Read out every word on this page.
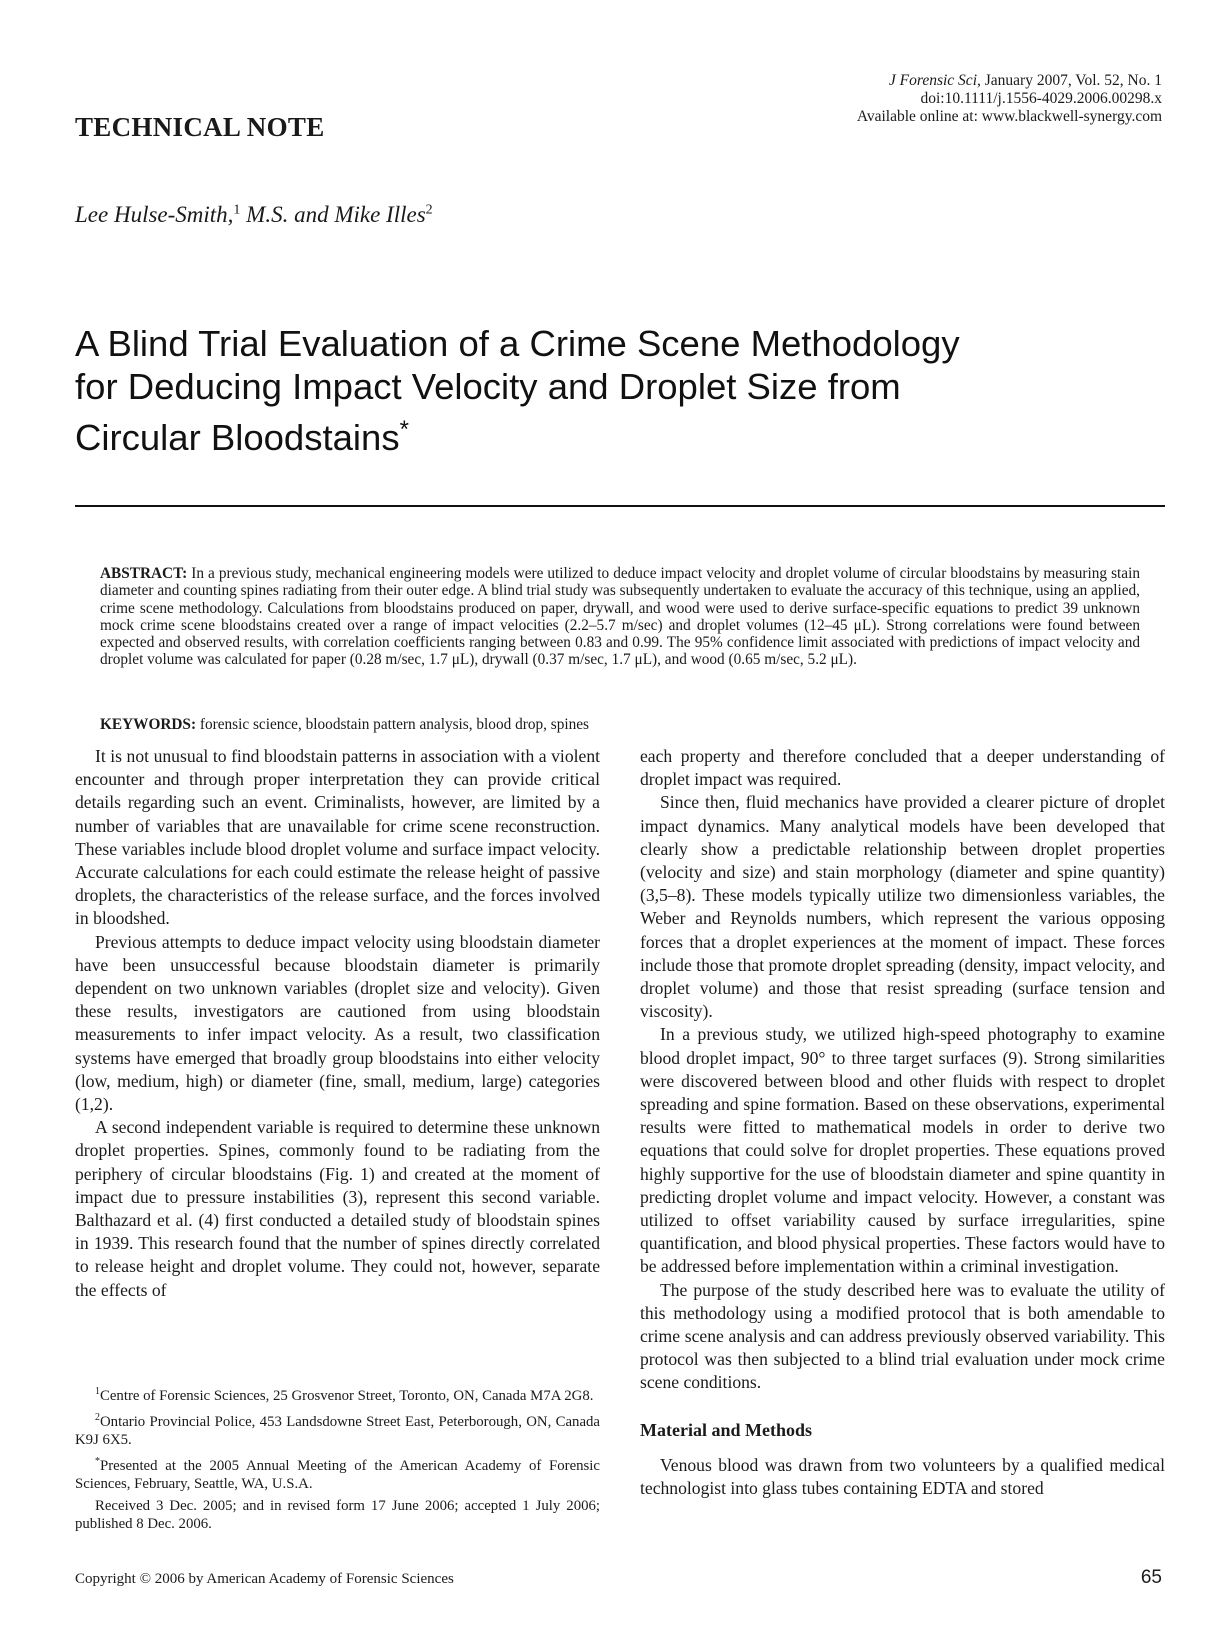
J Forensic Sci, January 2007, Vol. 52, No. 1
doi:10.1111/j.1556-4029.2006.00298.x
Available online at: www.blackwell-synergy.com
TECHNICAL NOTE
Lee Hulse-Smith,$^1$ M.S. and Mike Illes$^2$
A Blind Trial Evaluation of a Crime Scene Methodology for Deducing Impact Velocity and Droplet Size from Circular Bloodstains*
ABSTRACT: In a previous study, mechanical engineering models were utilized to deduce impact velocity and droplet volume of circular bloodstains by measuring stain diameter and counting spines radiating from their outer edge. A blind trial study was subsequently undertaken to evaluate the accuracy of this technique, using an applied, crime scene methodology. Calculations from bloodstains produced on paper, drywall, and wood were used to derive surface-specific equations to predict 39 unknown mock crime scene bloodstains created over a range of impact velocities (2.2–5.7 m/sec) and droplet volumes (12–45 μL). Strong correlations were found between expected and observed results, with correlation coefficients ranging between 0.83 and 0.99. The 95% confidence limit associated with predictions of impact velocity and droplet volume was calculated for paper (0.28 m/sec, 1.7 μL), drywall (0.37 m/sec, 1.7 μL), and wood (0.65 m/sec, 5.2 μL).
KEYWORDS: forensic science, bloodstain pattern analysis, blood drop, spines

It is not unusual to find bloodstain patterns in association with a violent encounter and through proper interpretation they can provide critical details regarding such an event. Criminalists, however, are limited by a number of variables that are unavailable for crime scene reconstruction. These variables include blood droplet volume and surface impact velocity. Accurate calculations for each could estimate the release height of passive droplets, the characteristics of the release surface, and the forces involved in bloodshed.

Previous attempts to deduce impact velocity using bloodstain diameter have been unsuccessful because bloodstain diameter is primarily dependent on two unknown variables (droplet size and velocity). Given these results, investigators are cautioned from using bloodstain measurements to infer impact velocity. As a result, two classification systems have emerged that broadly group bloodstains into either velocity (low, medium, high) or diameter (fine, small, medium, large) categories (1,2).

A second independent variable is required to determine these unknown droplet properties. Spines, commonly found to be radiating from the periphery of circular bloodstains (Fig. 1) and created at the moment of impact due to pressure instabilities (3), represent this second variable. Balthazard et al. (4) first conducted a detailed study of bloodstain spines in 1939. This research found that the number of spines directly correlated to release height and droplet volume. They could not, however, separate the effects of

each property and therefore concluded that a deeper understanding of droplet impact was required.

Since then, fluid mechanics have provided a clearer picture of droplet impact dynamics. Many analytical models have been developed that clearly show a predictable relationship between droplet properties (velocity and size) and stain morphology (diameter and spine quantity) (3,5–8). These models typically utilize two dimensionless variables, the Weber and Reynolds numbers, which represent the various opposing forces that a droplet experiences at the moment of impact. These forces include those that promote droplet spreading (density, impact velocity, and droplet volume) and those that resist spreading (surface tension and viscosity).

In a previous study, we utilized high-speed photography to examine blood droplet impact, 90° to three target surfaces (9). Strong similarities were discovered between blood and other fluids with respect to droplet spreading and spine formation. Based on these observations, experimental results were fitted to mathematical models in order to derive two equations that could solve for droplet properties. These equations proved highly supportive for the use of bloodstain diameter and spine quantity in predicting droplet volume and impact velocity. However, a constant was utilized to offset variability caused by surface irregularities, spine quantification, and blood physical properties. These factors would have to be addressed before implementation within a criminal investigation.

The purpose of the study described here was to evaluate the utility of this methodology using a modified protocol that is both amendable to crime scene analysis and can address previously observed variability. This protocol was then subjected to a blind trial evaluation under mock crime scene conditions.

Material and Methods

Venous blood was drawn from two volunteers by a qualified medical technologist into glass tubes containing EDTA and stored

$^1$Centre of Forensic Sciences, 25 Grosvenor Street, Toronto, ON, Canada M7A 2G8.

$^2$Ontario Provincial Police, 453 Landsdowne Street East, Peterborough, ON, Canada K9J 6X5.

*Presented at the 2005 Annual Meeting of the American Academy of Forensic Sciences, February, Seattle, WA, U.S.A.

Received 3 Dec. 2005; and in revised form 17 June 2006; accepted 1 July 2006; published 8 Dec. 2006.

Copyright © 2006 by American Academy of Forensic Sciences	65
